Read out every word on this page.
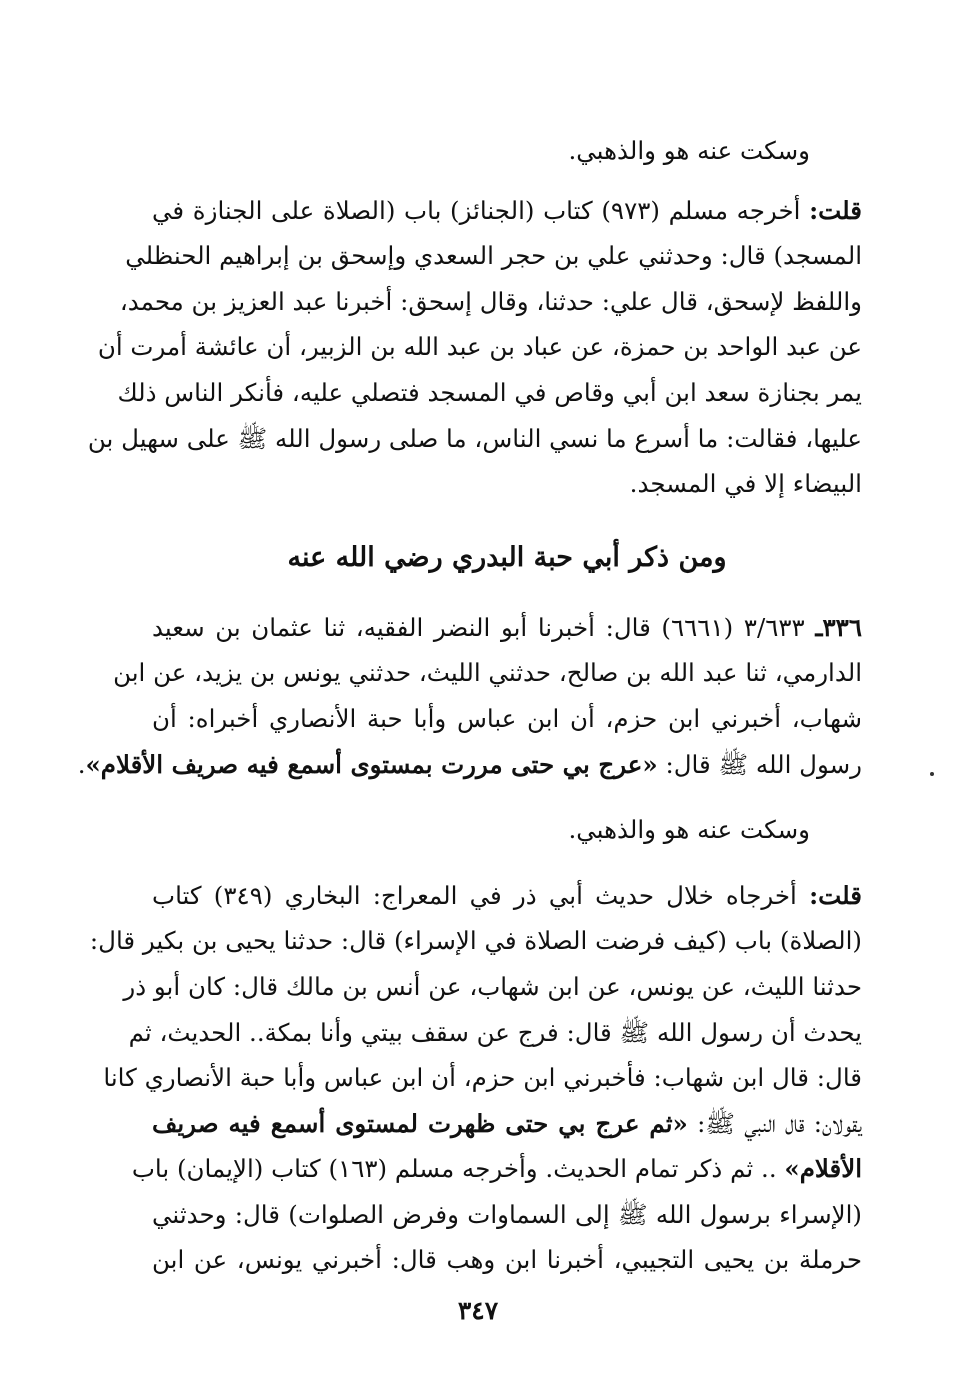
وسكت عنه هو والذهبي.
قلت: أخرجه مسلم (٩٧٣) كتاب (الجنائز) باب (الصلاة على الجنازة في
المسجد) قال: وحدثني علي بن حجر السعدي وإسحق بن إبراهيم الحنظلي
واللفظ لإسحق، قال علي: حدثنا، وقال إسحق: أخبرنا عبد العزيز بن محمد،
عن عبد الواحد بن حمزة، عن عباد بن عبد الله بن الزبير، أن عائشة أمرت أن
يمر بجنازة سعد ابن أبي وقاص في المسجد فتصلي عليه، فأنكر الناس ذلك
عليها، فقالت: ما أسرع ما نسي الناس، ما صلى رسول الله ﷺ على سهيل بن
البيضاء إلا في المسجد.
ومن ذكر أبي حبة البدري رضي الله عنه
٣٣٦ـ ٣/٦٣٣ (٦٦٦١) قال: أخبرنا أبو النضر الفقيه، ثنا عثمان بن سعيد
الدارمي، ثنا عبد الله بن صالح، حدثني الليث، حدثني يونس بن يزيد، عن ابن
شهاب، أخبرني ابن حزم، أن ابن عباس وأبا حبة الأنصاري أخبراه: أن
رسول الله ﷺ قال: «عرج بي حتى مررت بمستوى أسمع فيه صريف الأقلام».
وسكت عنه هو والذهبي.
قلت: أخرجاه خلال حديث أبي ذر في المعراج: البخاري (٣٤٩) كتاب
(الصلاة) باب (كيف فرضت الصلاة في الإسراء) قال: حدثنا يحيى بن بكير قال:
حدثنا الليث، عن يونس، عن ابن شهاب، عن أنس بن مالك قال: كان أبو ذر
يحدث أن رسول الله ﷺ قال: فرج عن سقف بيتي وأنا بمكة.. الحديث، ثم
قال: قال ابن شهاب: فأخبرني ابن حزم، أن ابن عباس وأبا حبة الأنصاري كانا
يقولان: قال النبي ﷺ: «ثم عرج بي حتى ظهرت لمستوى أسمع فيه صريف
الأقلام» .. ثم ذكر تمام الحديث. وأخرجه مسلم (١٦٣) كتاب (الإيمان) باب
(الإسراء برسول الله ﷺ إلى السماوات وفرض الصلوات) قال: وحدثني
حرملة بن يحيى التجيبي، أخبرنا ابن وهب قال: أخبرني يونس، عن ابن
٣٤٧
